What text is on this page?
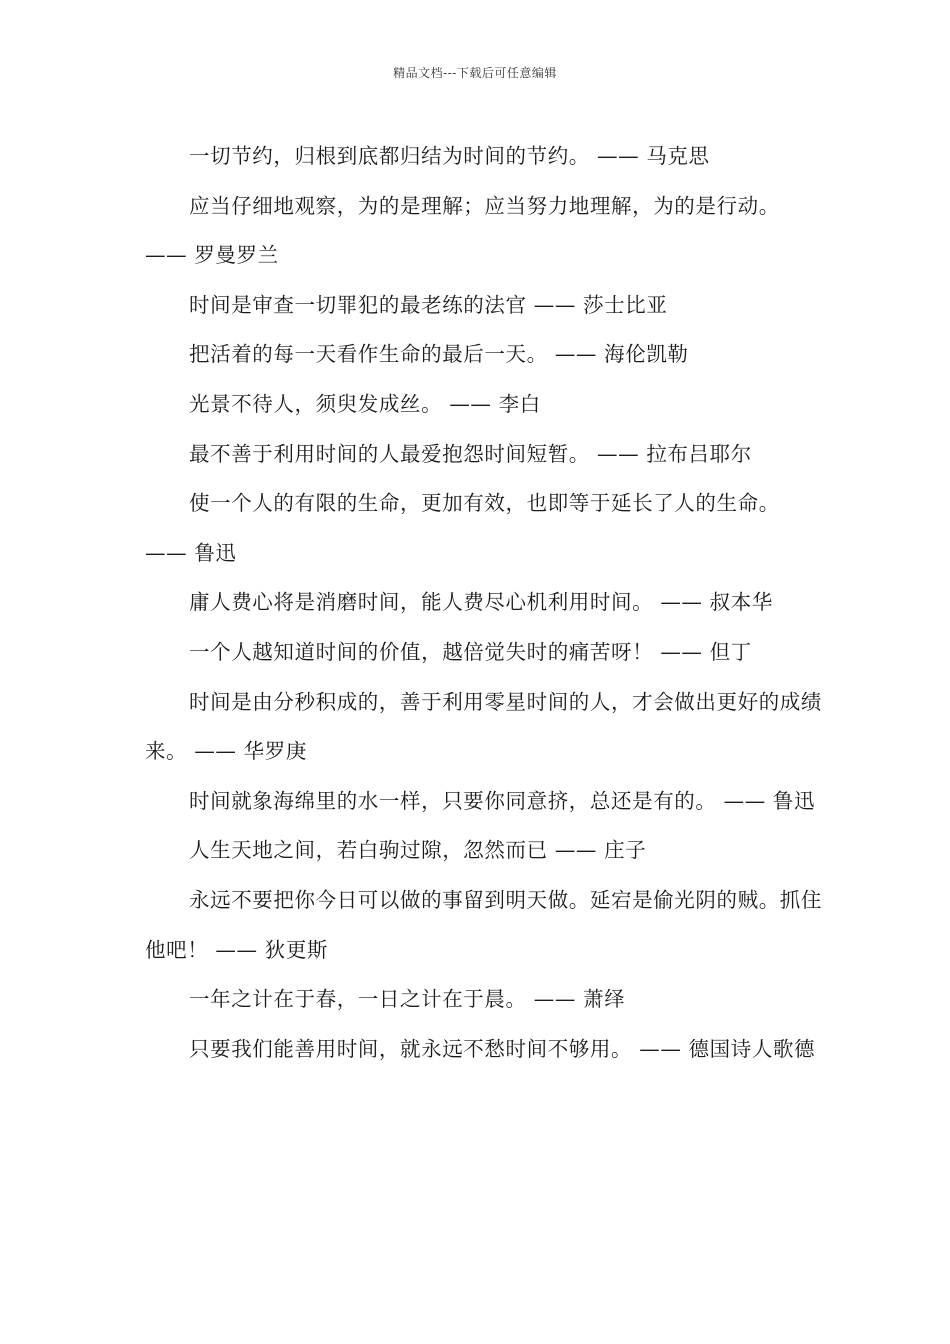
精品文档---下载后可任意编辑

一切节约，归根到底都归结为时间的节约。 —— 马克思

应当仔细地观察，为的是理解；应当努力地理解，为的是行动。 —— 罗曼罗兰

时间是审查一切罪犯的最老练的法官 —— 莎士比亚

把活着的每一天看作生命的最后一天。 —— 海伦凯勒

光景不待人，须臾发成丝。 —— 李白

最不善于利用时间的人最爱抱怨时间短暂。 —— 拉布吕耶尔

使一个人的有限的生命，更加有效，也即等于延长了人的生命。 —— 鲁迅

庸人费心将是消磨时间，能人费尽心机利用时间。 —— 叔本华

一个人越知道时间的价值，越倍觉失时的痛苦呀！ —— 但丁

时间是由分秒积成的，善于利用零星时间的人，才会做出更好的成绩来。 —— 华罗庚

时间就象海绵里的水一样，只要你同意挤，总还是有的。 —— 鲁迅

人生天地之间，若白驹过隙，忽然而已 —— 庄子

永远不要把你今日可以做的事留到明天做。延宕是偷光阴的贼。抓住他吧！ —— 狄更斯

一年之计在于春，一日之计在于晨。 —— 萧绎

只要我们能善用时间，就永远不愁时间不够用。 —— 德国诗人歌德
